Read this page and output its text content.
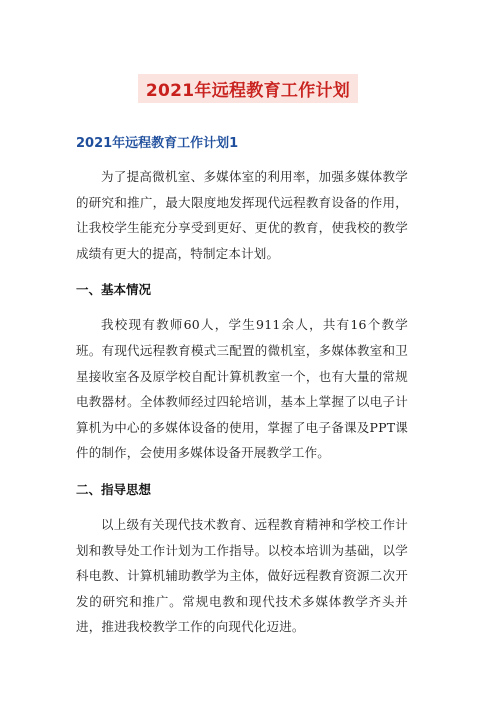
2021年远程教育工作计划
2021年远程教育工作计划1

为了提高微机室、多媒体室的利用率，加强多媒体教学的研究和推广，最大限度地发挥现代远程教育设备的作用，让我校学生能充分享受到更好、更优的教育，使我校的教学成绩有更大的提高，特制定本计划。

一、基本情况

我校现有教师60人，学生911余人，共有16个教学班。有现代远程教育模式三配置的微机室，多媒体教室和卫星接收室各及原学校自配计算机教室一个，也有大量的常规电教器材。全体教师经过四轮培训，基本上掌握了以电子计算机为中心的多媒体设备的使用，掌握了电子备课及PPT课件的制作，会使用多媒体设备开展教学工作。

二、指导思想

以上级有关现代技术教育、远程教育精神和学校工作计划和教导处工作计划为工作指导。以校本培训为基础，以学科电教、计算机辅助教学为主体，做好远程教育资源二次开发的研究和推广。常规电教和现代技术多媒体教学齐头并进，推进我校教学工作的向现代化迈进。
